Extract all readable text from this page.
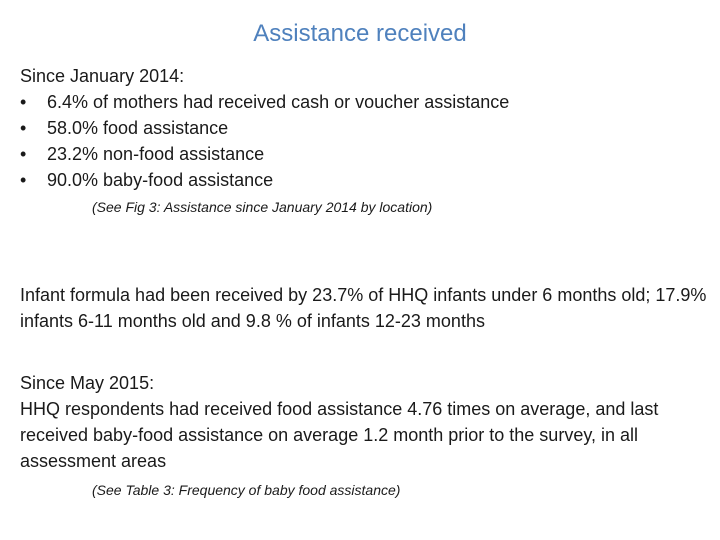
Assistance received

Since January 2014:

•	6.4% of mothers had received cash or voucher assistance
•	58.0% food assistance
•	23.2% non-food assistance
•	90.0% baby-food assistance

(See Fig 3: Assistance since January 2014 by location)

Infant formula had been received by 23.7% of HHQ infants under 6 months old; 17.9% infants 6-11 months old and 9.8 % of infants 12-23 months

Since May 2015:

HHQ respondents had received food assistance 4.76 times on average, and last received baby-food assistance on average 1.2 month prior to the survey, in all assessment areas

(See Table 3: Frequency of baby food assistance)
